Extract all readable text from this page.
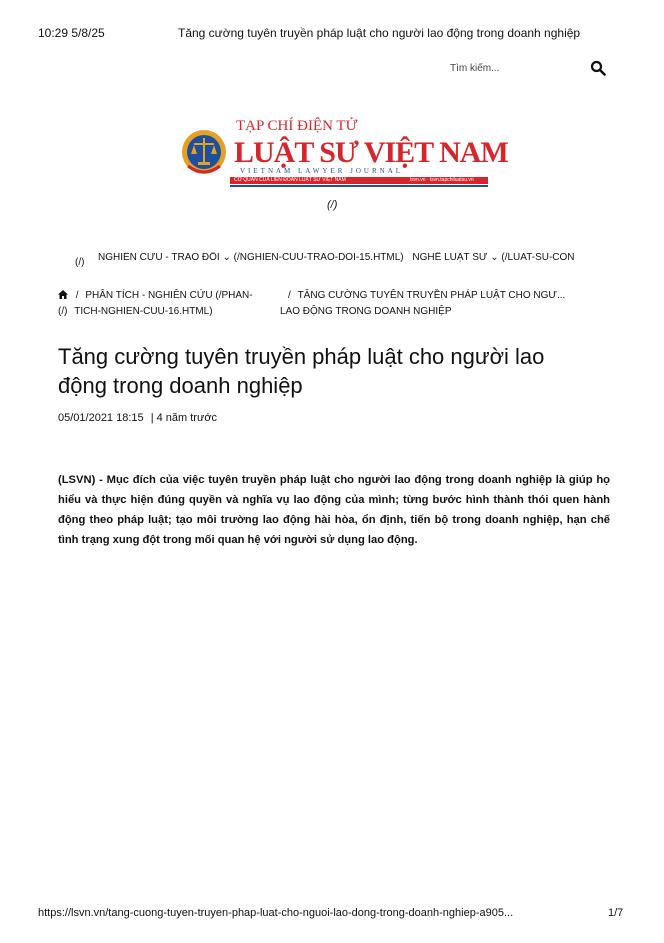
10:29 5/8/25	Tăng cường tuyên truyền pháp luật cho người lao động trong doanh nghiệp
Tìm kiếm...
TẠP CHÍ ĐIỆN TỬ
LUẬT SƯ VIỆT NAM
VIETNAM LAWYER JOURNAL
CƠ QUAN CỦA LIÊN ĐOÀN LUẬT SƯ VIỆT NAM	lsvn.vn · lsvn.tapchiluatsu.vn
(/)
(/) NGHIÊN CỨU - TRAO ĐỔI ⌄ (/NGHIEN-CUU-TRAO-DOI-15.HTML) NGHỀ LUẬT SƯ ⌄ (/LUAT-SU-CON
/ PHÂN TÍCH - NGHIÊN CỨU (/PHAN-
(/) TICH-NGHIEN-CUU-16.HTML)
/ TĂNG CƯỜNG TUYÊN TRUYỀN PHÁP LUẬT CHO NGƯ...
LAO ĐỘNG TRONG DOANH NGHIỆP
Tăng cường tuyên truyền pháp luật cho người lao động trong doanh nghiệp
05/01/2021 18:15 | 4 năm trước

(LSVN) - Mục đích của việc tuyên truyền pháp luật cho người lao động trong doanh nghiệp là giúp họ hiểu và thực hiện đúng quyền và nghĩa vụ lao động của mình; từng bước hình thành thói quen hành động theo pháp luật; tạo môi trường lao động hài hòa, ổn định, tiến bộ trong doanh nghiệp, hạn chế tình trạng xung đột trong mối quan hệ với người sử dụng lao động.

https://lsvn.vn/tang-cuong-tuyen-truyen-phap-luat-cho-nguoi-lao-dong-trong-doanh-nghiep-a905...	1/7
